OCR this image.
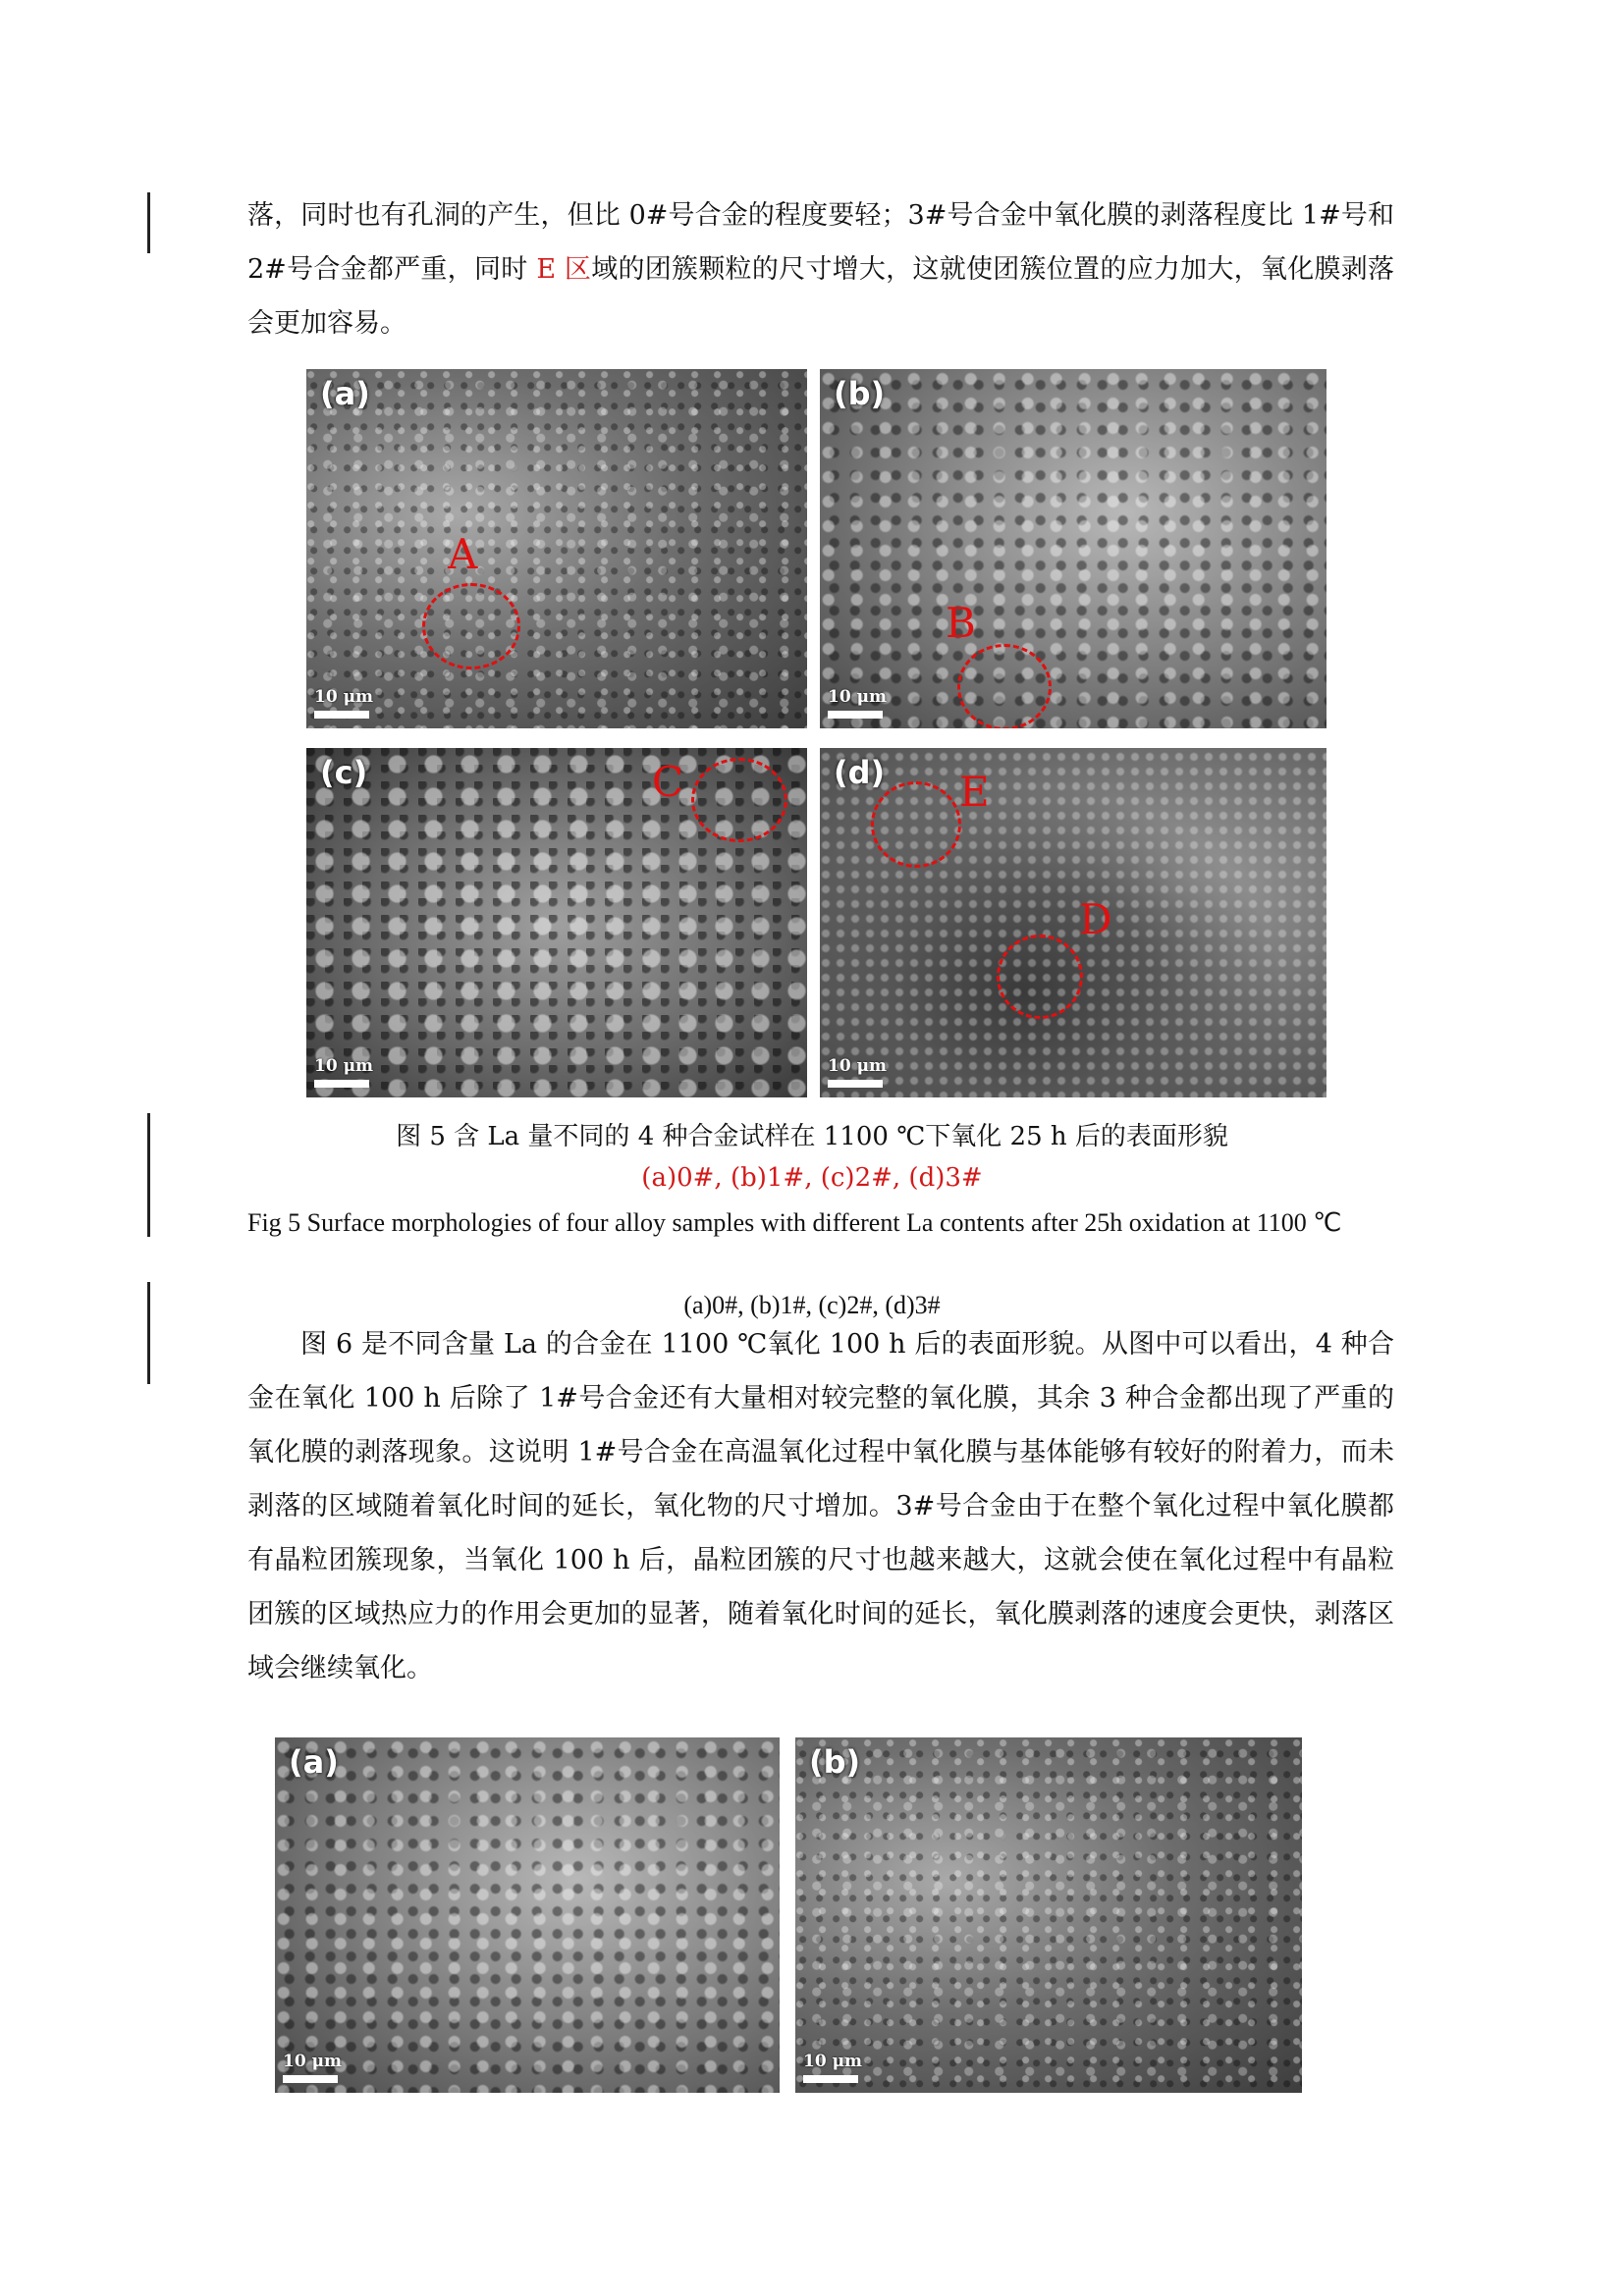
落，同时也有孔洞的产生，但比 0#号合金的程度要轻；3#号合金中氧化膜的剥落程度比 1#号和 2#号合金都严重，同时 E 区域的团簇颗粒的尺寸增大，这就使团簇位置的应力加大，氧化膜剥落会更加容易。

(a)
A
10 μm
(b)
B
10 μm
(c)	C
10 μm
(d) E
D
10 μm

图 5 含 La 量不同的 4 种合金试样在 1100 ℃下氧化 25 h 后的表面形貌

(a)0#, (b)1#, (c)2#, (d)3#

Fig 5 Surface morphologies of four alloy samples with different La contents after 25h oxidation at 1100 ℃

(a)0#, (b)1#, (c)2#, (d)3#

图 6 是不同含量 La 的合金在 1100 ℃氧化 100 h 后的表面形貌。从图中可以看出，4 种合金在氧化 100 h 后除了 1#号合金还有大量相对较完整的氧化膜，其余 3 种合金都出现了严重的氧化膜的剥落现象。这说明 1#号合金在高温氧化过程中氧化膜与基体能够有较好的附着力，而未剥落的区域随着氧化时间的延长，氧化物的尺寸增加。3#号合金由于在整个氧化过程中氧化膜都有晶粒团簇现象，当氧化 100 h 后，晶粒团簇的尺寸也越来越大，这就会使在氧化过程中有晶粒团簇的区域热应力的作用会更加的显著，随着氧化时间的延长，氧化膜剥落的速度会更快，剥落区域会继续氧化。

(a)
10 μm
(b)
10 μm
